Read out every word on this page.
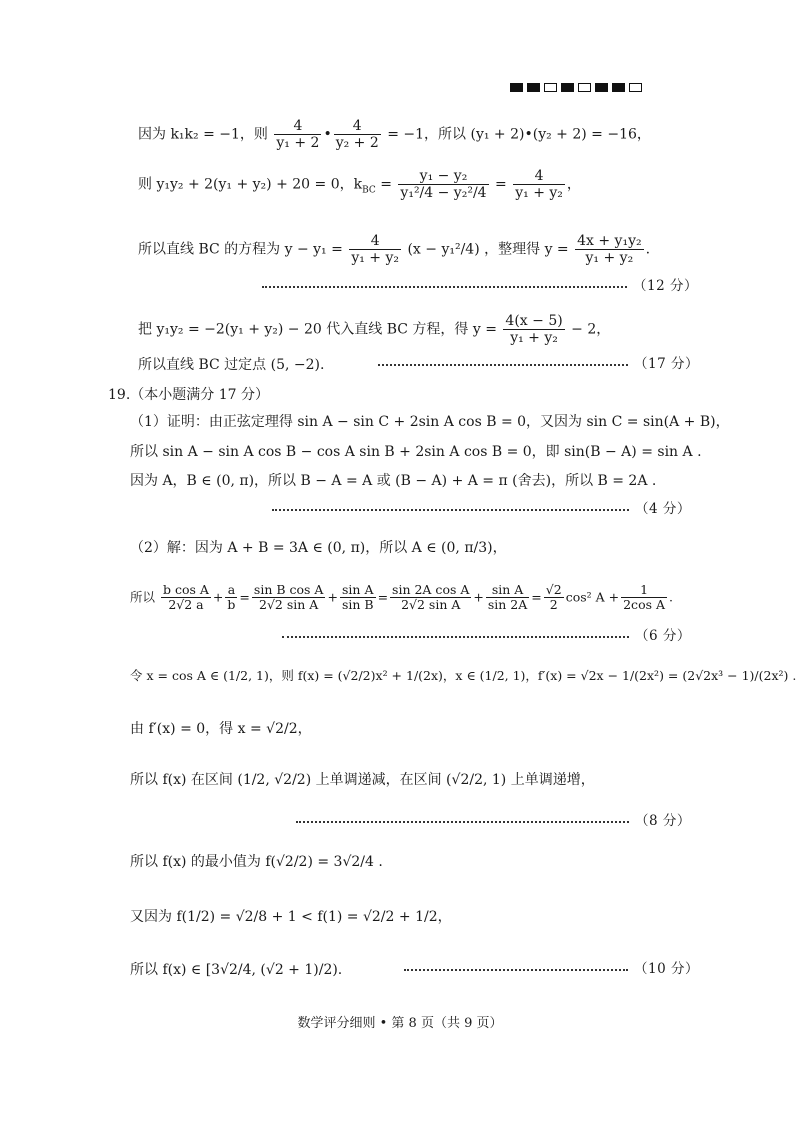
因为 k₁k₂ = −1，则 $\frac{4}{\text{y₁ + 2}}$ • $\frac{4}{\text{y₂ + 2}} = -1$，所以 (y₁ + 2)•(y₂ + 2) = −16，
则 y₁y₂ + 2(y₁ + y₂) + 20 = 0，$k_{BC} = \frac{\text{y₁ − y₂}}{\text{y₁²/4 − y₂²/4}} = \frac{4}{\text{y₁ + y₂}}$ ，
所以直线 BC 的方程为 $y - y_1 = \frac{4}{\text{y₁ + y₂}} (x - y_1^2/4)$ ，整理得 $y = \frac{\text{4x + y₁y₂}}{\text{y₁ + y₂}}$ .
（12 分）
把 y₁y₂ = −2(y₁ + y₂) − 20 代入直线 BC 方程，得 $y = \frac{4(x - 5)}{\text{y₁ + y₂}} - 2$，
所以直线 BC 过定点 (5, −2).	（17 分）
19.（本小题满分 17 分）
（1）证明：由正弦定理得 sin A − sin C + 2sin A cos B = 0，又因为 sin C = sin(A + B)，
所以 sin A − sin A cos B − cos A sin B + 2sin A cos B = 0，即 sin(B − A) = sin A .
因为 A，B ∈ (0, π)，所以 B − A = A 或 (B − A) + A = π (舍去)，所以 B = 2A .
（4 分）
（2）解：因为 A + B = 3A ∈ (0, π)，所以 A ∈ (0, π/3)，
所以 $\frac{\text{b cos A}}{2√2 a} + \frac{a}{b} = \frac{\text{sin B cos A}}{\text{2√2 sin A}} + \frac{\text{sin A}}{\text{sin B}} = \frac{\text{sin 2A cos A}}{\text{2√2 sin A}} + \frac{\text{sin A}}{\sin 2A} = \frac{√2}{2} \cos^2$ $A + \frac{1}{\text{2cos A}}$ .
（6 分）
令 x = cos A ∈ (1/2, 1)，则 f(x) = (√2/2)x² + 1/(2x)，x ∈ (1/2, 1)，f′(x) = √2x − 1/(2x²) = (2√2x³ − 1)/(2x²) .
由 f′(x) = 0，得 x = √2/2，
所以 f(x) 在区间 (1/2, √2/2) 上单调递减，在区间 (√2/2, 1) 上单调递增，
（8 分）
所以 f(x) 的最小值为 f(√2/2) = 3√2/4 .
又因为 f(1/2) = √2/8 + 1 < f(1) = √2/2 + 1/2，
所以 f(x) ∈ [3√2/4, (√2 + 1)/2).	（10 分）
数学评分细则 • 第 8 页（共 9 页）
